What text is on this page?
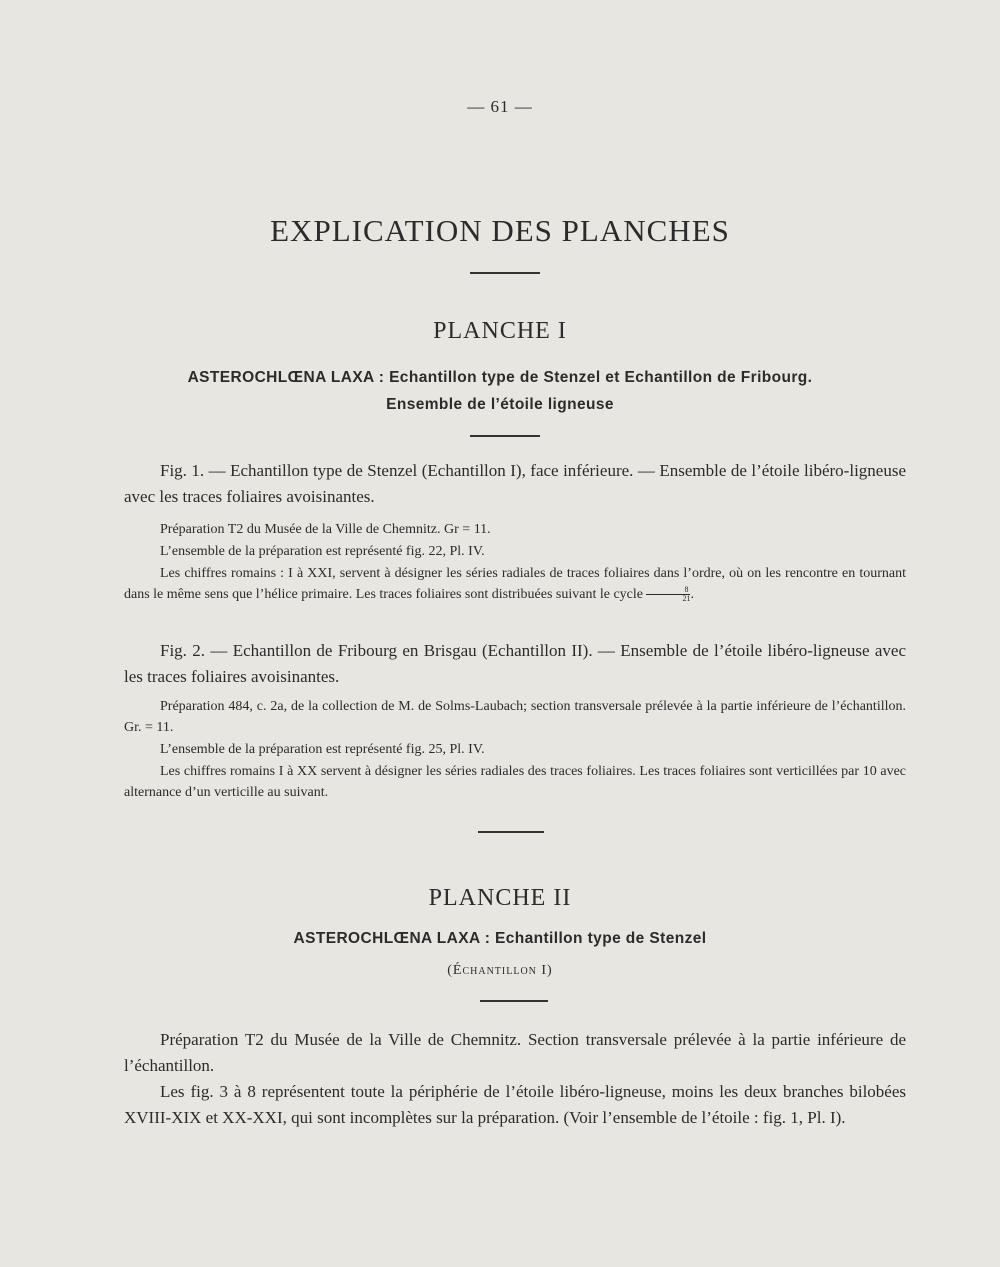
— 61 —
EXPLICATION DES PLANCHES
PLANCHE I
ASTEROCHLŒNA LAXA : Echantillon type de Stenzel et Echantillon de Fribourg.
Ensemble de l’étoile ligneuse
Fig. 1. — Echantillon type de Stenzel (Echantillon I), face inférieure. — Ensemble de l’étoile libéro-ligneuse avec les traces foliaires avoisinantes.
Préparation T2 du Musée de la Ville de Chemnitz. Gr = 11.
L’ensemble de la préparation est représenté fig. 22, Pl. IV.
Les chiffres romains : I à XXI, servent à désigner les séries radiales de traces foliaires dans l’ordre, où on les rencontre en tournant dans le même sens que l’hélice primaire. Les traces foliaires sont distribuées suivant le cycle $\frac{8}{21}$ .
Fig. 2. — Echantillon de Fribourg en Brisgau (Echantillon II). — Ensemble de l’étoile libéro-ligneuse avec les traces foliaires avoisinantes.
Préparation 484, c. 2a, de la collection de M. de Solms-Laubach; section transversale prélevée à la partie inférieure de l’échantillon. Gr. = 11.
L’ensemble de la préparation est représenté fig. 25, Pl. IV.
Les chiffres romains I à XX servent à désigner les séries radiales des traces foliaires. Les traces foliaires sont verticillées par 10 avec alternance d’un verticille au suivant.
PLANCHE II
ASTEROCHLŒNA LAXA : Echantillon type de Stenzel
(Échantillon I)
Préparation T2 du Musée de la Ville de Chemnitz. Section transversale prélevée à la partie inférieure de l’échantillon.
Les fig. 3 à 8 représentent toute la périphérie de l’étoile libéro-ligneuse, moins les deux branches bilobées XVIII-XIX et XX-XXI, qui sont incomplètes sur la préparation. (Voir l’ensemble de l’étoile : fig. 1, Pl. I).
